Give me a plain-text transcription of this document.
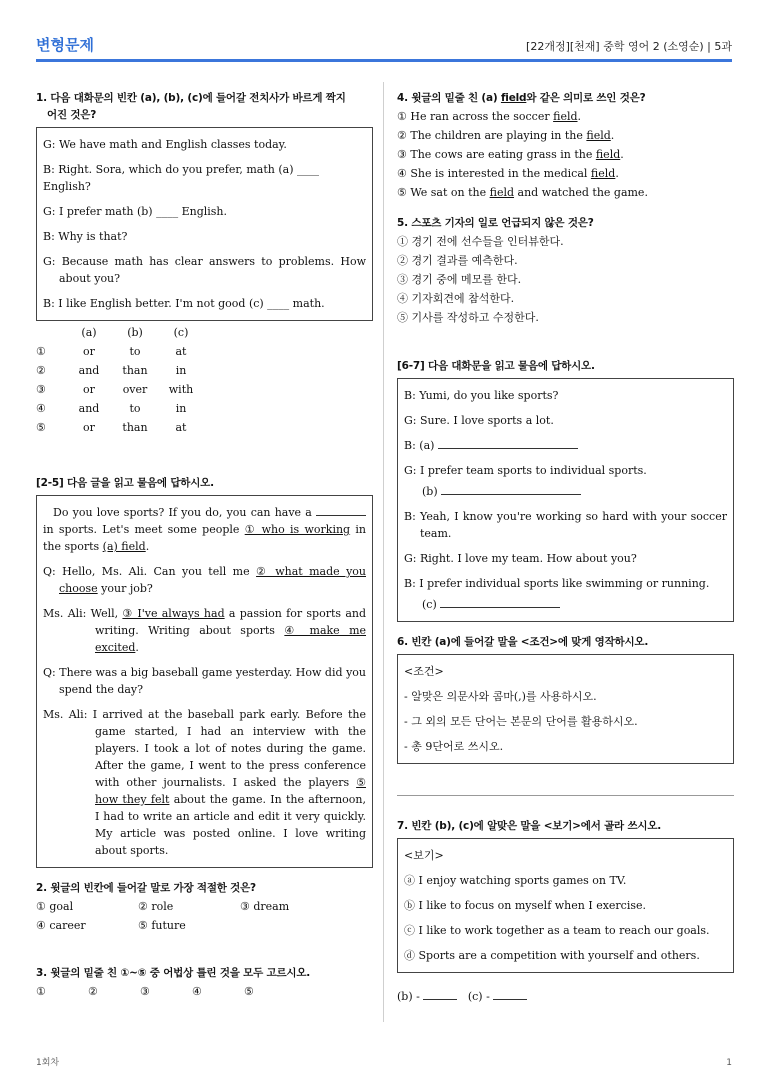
변형문제	[22개정][천재] 중학 영어 2 (소영순) | 5과
1. 다음 대화문의 빈칸 (a), (b), (c)에 들어갈 전치사가 바르게 짝지
어진 것은?
G: We have math and English classes today.
B: Right. Sora, which do you prefer, math (a) ____ English?
G: I prefer math (b) ____ English.
B: Why is that?
G: Because math has clear answers to problems. How about you?
B: I like English better. I'm not good (c) ____ math.
	(a)	(b)	(c)
①	or	to	at
②	and	than	in
③	or	over	with
④	and	to	in
⑤	or	than	at
[2-5] 다음 글을 읽고 물음에 답하시오.
Do you love sports? If you do, you can have a  in sports. Let's meet some people ① who is working in the sports (a) field.
Q: Hello, Ms. Ali. Can you tell me ② what made you choose your job?
Ms. Ali: Well, ③ I've always had a passion for sports and writing. Writing about sports ④ make me excited.
Q: There was a big baseball game yesterday. How did you spend the day?
Ms. Ali: I arrived at the baseball park early. Before the game started, I had an interview with the players. I took a lot of notes during the game. After the game, I went to the press conference with other journalists. I asked the players ⑤ how they felt about the game. In the afternoon, I had to write an article and edit it very quickly. My article was posted online. I love writing about sports.
2. 윗글의 빈칸에 들어갈 말로 가장 적절한 것은?
① goal	② role	③ dream
④ career	⑤ future
3. 윗글의 밑줄 친 ①~⑤ 중 어법상 틀린 것을 모두 고르시오.
①	②	③	④	⑤
4. 윗글의 밑줄 친 (a) field와 같은 의미로 쓰인 것은?
① He ran across the soccer field.
② The children are playing in the field.
③ The cows are eating grass in the field.
④ She is interested in the medical field.
⑤ We sat on the field and watched the game.
5. 스포츠 기자의 일로 언급되지 않은 것은?
① 경기 전에 선수들을 인터뷰한다.
② 경기 결과를 예측한다.
③ 경기 중에 메모를 한다.
④ 기자회견에 참석한다.
⑤ 기사를 작성하고 수정한다.
[6-7] 다음 대화문을 읽고 물음에 답하시오.
B: Yumi, do you like sports?
G: Sure. I love sports a lot.
B: (a)
G: I prefer team sports to individual sports.
(b)
B: Yeah, I know you're working so hard with your soccer team.
G: Right. I love my team. How about you?
B: I prefer individual sports like swimming or running.
(c)
6. 빈칸 (a)에 들어갈 말을 <조건>에 맞게 영작하시오.
<조건>
- 알맞은 의문사와 콤마(,)를 사용하시오.
- 그 외의 모든 단어는 본문의 단어를 활용하시오.
- 총 9단어로 쓰시오.
7. 빈칸 (b), (c)에 알맞은 말을 <보기>에서 골라 쓰시오.
<보기>
ⓐ I enjoy watching sports games on TV.
ⓑ I like to focus on myself when I exercise.
ⓒ I like to work together as a team to reach our goals.
ⓓ Sports are a competition with yourself and others.
(b) -	(c) -
1회차	1
